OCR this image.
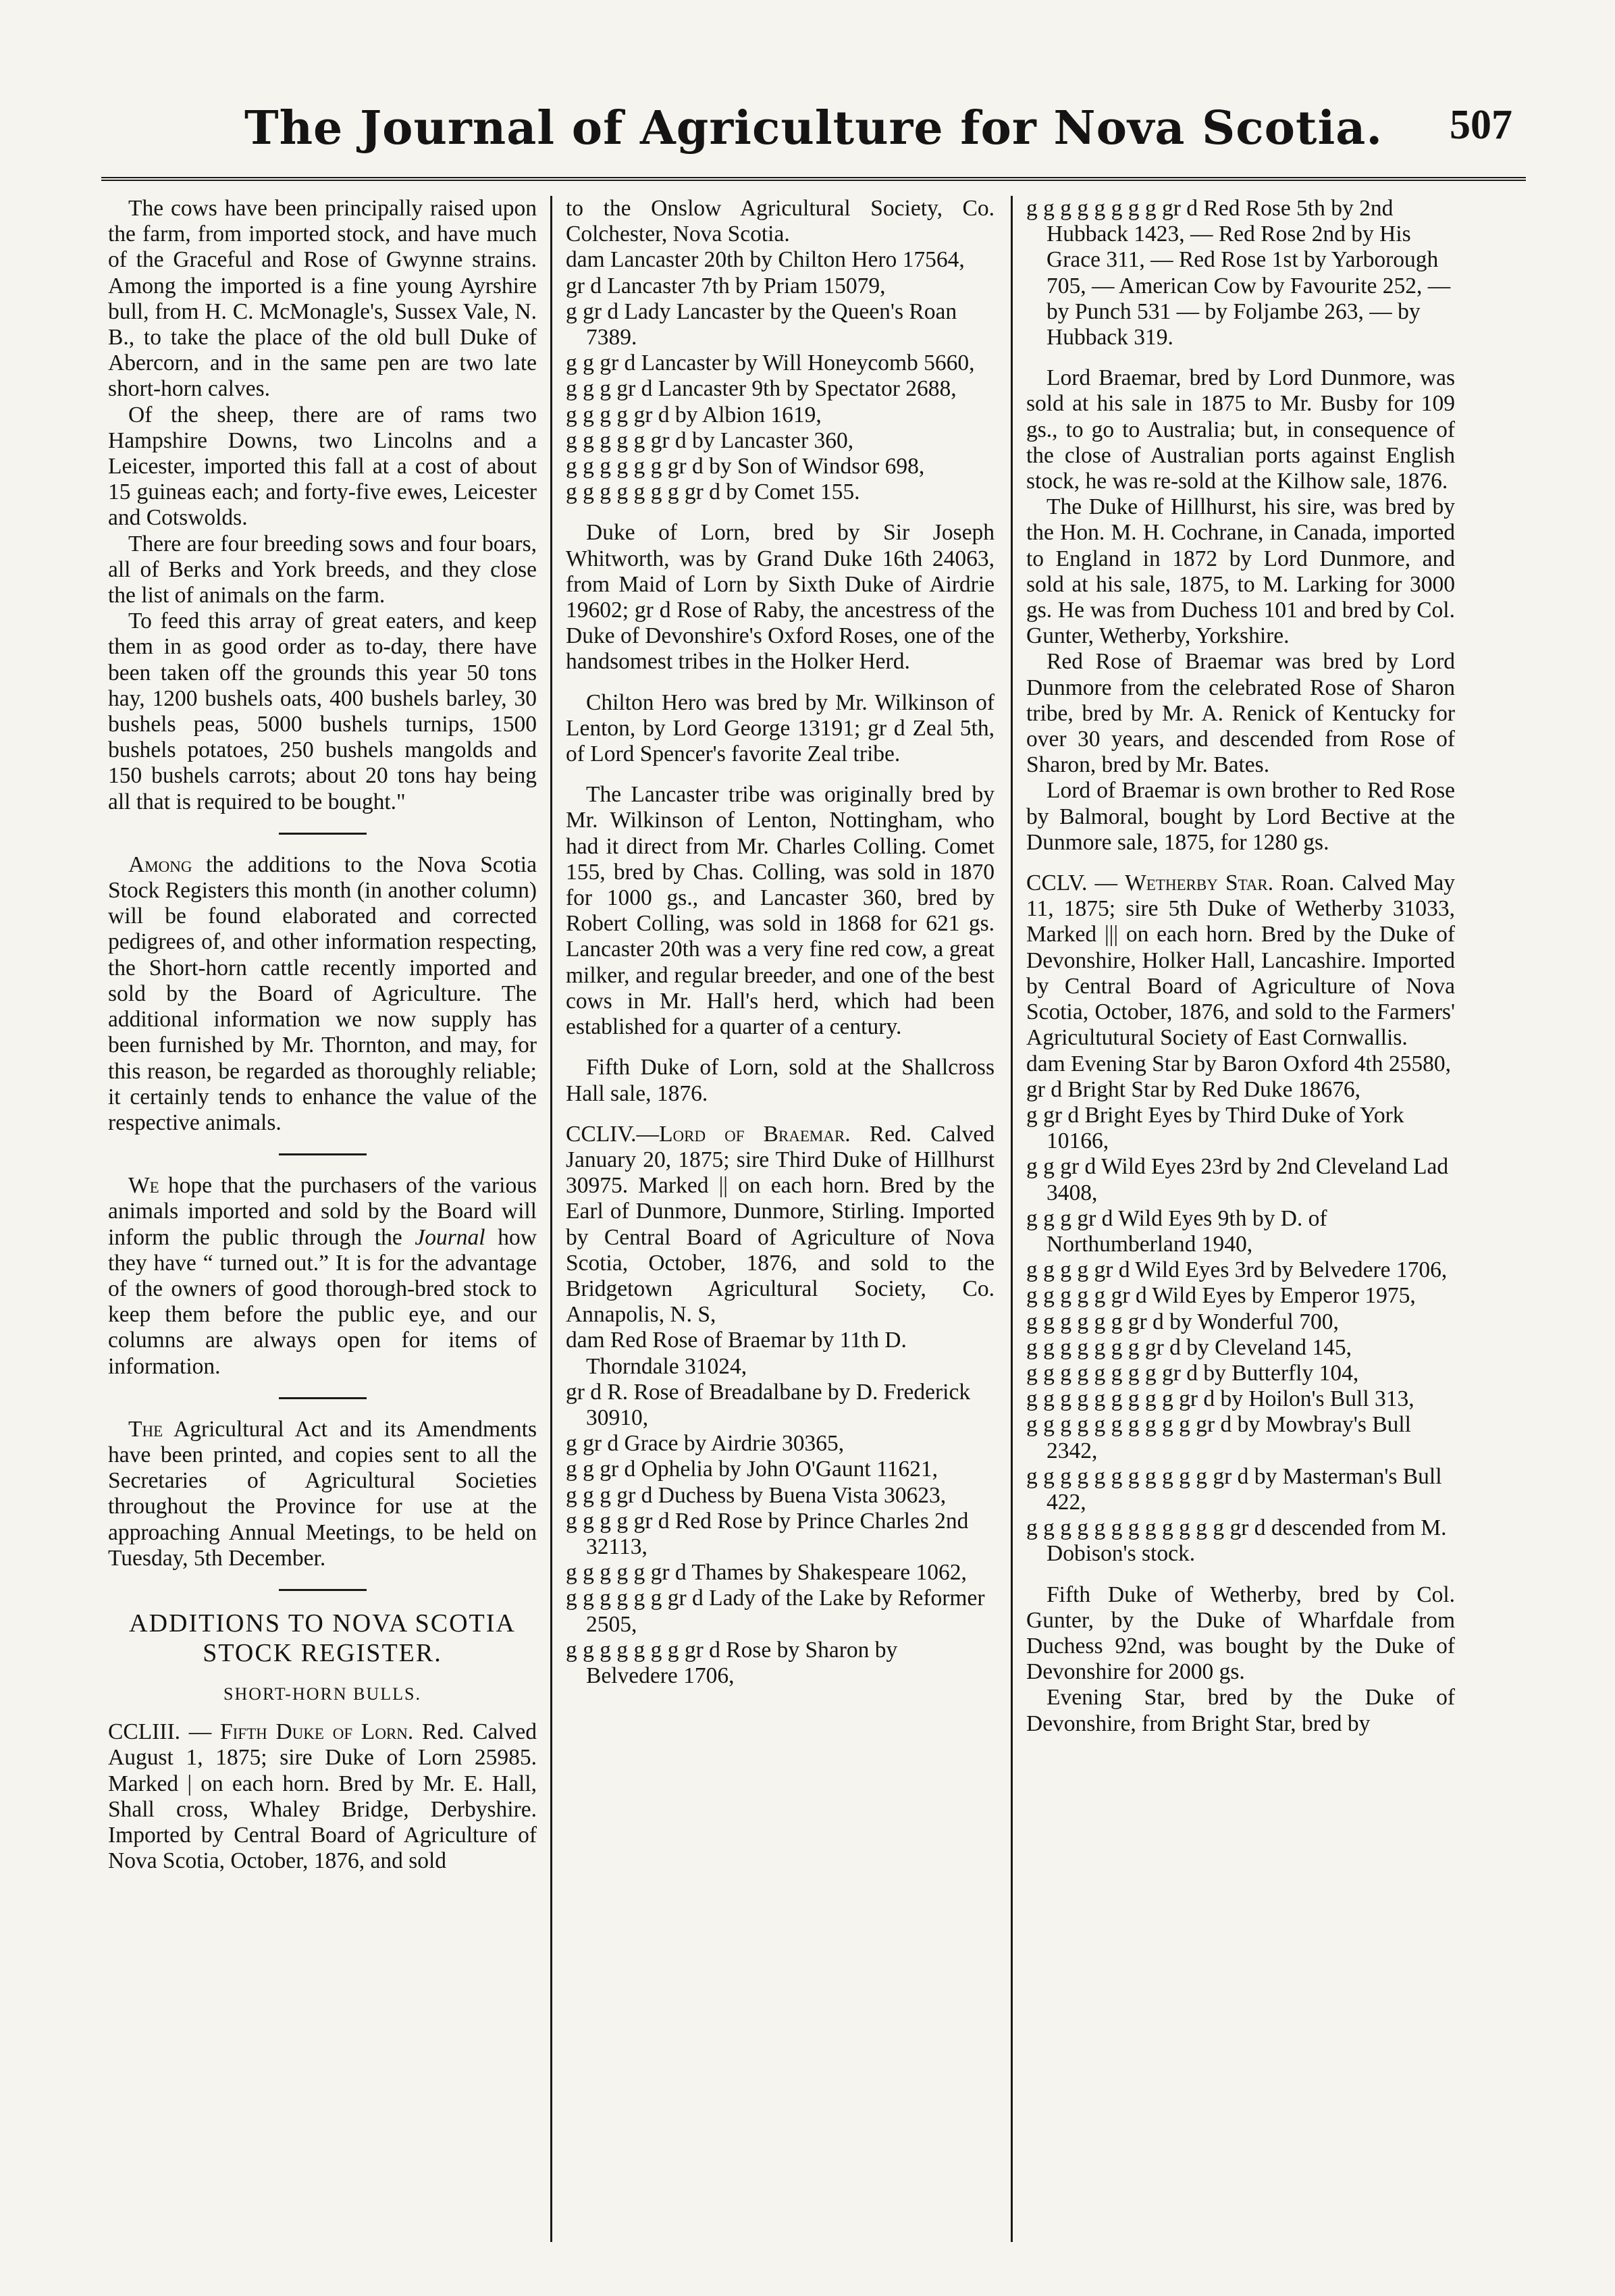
The Journal of Agriculture for Nova Scotia.	507

The cows have been principally raised upon the farm, from imported stock, and have much of the Graceful and Rose of Gwynne strains. Among the imported is a fine young Ayrshire bull, from H. C. McMonagle's, Sussex Vale, N. B., to take the place of the old bull Duke of Abercorn, and in the same pen are two late short-horn calves.

Of the sheep, there are of rams two Hampshire Downs, two Lincolns and a Leicester, imported this fall at a cost of about 15 guineas each; and forty-five ewes, Leicester and Cotswolds.

There are four breeding sows and four boars, all of Berks and York breeds, and they close the list of animals on the farm.

To feed this array of great eaters, and keep them in as good order as to-day, there have been taken off the grounds this year 50 tons hay, 1200 bushels oats, 400 bushels barley, 30 bushels peas, 5000 bushels turnips, 1500 bushels potatoes, 250 bushels mangolds and 150 bushels carrots; about 20 tons hay being all that is required to be bought."

Among the additions to the Nova Scotia Stock Registers this month (in another column) will be found elaborated and corrected pedigrees of, and other information respecting, the Short-horn cattle recently imported and sold by the Board of Agriculture. The additional information we now supply has been furnished by Mr. Thornton, and may, for this reason, be regarded as thoroughly reliable; it certainly tends to enhance the value of the respective animals.

We hope that the purchasers of the various animals imported and sold by the Board will inform the public through the Journal how they have “ turned out.” It is for the advantage of the owners of good thorough-bred stock to keep them before the public eye, and our columns are always open for items of information.

The Agricultural Act and its Amendments have been printed, and copies sent to all the Secretaries of Agricultural Societies throughout the Province for use at the approaching Annual Meetings, to be held on Tuesday, 5th December.

ADDITIONS TO NOVA SCOTIA STOCK REGISTER.
SHORT-HORN BULLS.

CCLIII. — Fifth Duke of Lorn. Red. Calved August 1, 1875; sire Duke of Lorn 25985. Marked | on each horn. Bred by Mr. E. Hall, Shall cross, Whaley Bridge, Derbyshire. Imported by Central Board of Agriculture of Nova Scotia, October, 1876, and sold

to the Onslow Agricultural Society, Co. Colchester, Nova Scotia.

dam Lancaster 20th by Chilton Hero 17564,

gr d Lancaster 7th by Priam 15079,

g gr d Lady Lancaster by the Queen's Roan 7389.

g g gr d Lancaster by Will Honeycomb 5660,

g g g gr d Lancaster 9th by Spectator 2688,

g g g g gr d by Albion 1619,

g g g g g gr d by Lancaster 360,

g g g g g g gr d by Son of Windsor 698,

g g g g g g g gr d by Comet 155.

Duke of Lorn, bred by Sir Joseph Whitworth, was by Grand Duke 16th 24063, from Maid of Lorn by Sixth Duke of Airdrie 19602; gr d Rose of Raby, the ancestress of the Duke of Devonshire's Oxford Roses, one of the handsomest tribes in the Holker Herd.

Chilton Hero was bred by Mr. Wilkinson of Lenton, by Lord George 13191; gr d Zeal 5th, of Lord Spencer's favorite Zeal tribe.

The Lancaster tribe was originally bred by Mr. Wilkinson of Lenton, Nottingham, who had it direct from Mr. Charles Colling. Comet 155, bred by Chas. Colling, was sold in 1870 for 1000 gs., and Lancaster 360, bred by Robert Colling, was sold in 1868 for 621 gs. Lancaster 20th was a very fine red cow, a great milker, and regular breeder, and one of the best cows in Mr. Hall's herd, which had been established for a quarter of a century.

Fifth Duke of Lorn, sold at the Shallcross Hall sale, 1876.

CCLIV.—Lord of Braemar. Red. Calved January 20, 1875; sire Third Duke of Hillhurst 30975. Marked || on each horn. Bred by the Earl of Dunmore, Dunmore, Stirling. Imported by Central Board of Agriculture of Nova Scotia, October, 1876, and sold to the Bridgetown Agricultural Society, Co. Annapolis, N. S,

dam Red Rose of Braemar by 11th D. Thorndale 31024,

gr d R. Rose of Breadalbane by D. Frederick 30910,

g gr d Grace by Airdrie 30365,

g g gr d Ophelia by John O'Gaunt 11621,

g g g gr d Duchess by Buena Vista 30623,

g g g g gr d Red Rose by Prince Charles 2nd 32113,

g g g g g gr d Thames by Shakespeare 1062,

g g g g g g gr d Lady of the Lake by Reformer 2505,

g g g g g g g gr d Rose by Sharon by Belvedere 1706,

g g g g g g g g gr d Red Rose 5th by 2nd Hubback 1423, — Red Rose 2nd by His Grace 311, — Red Rose 1st by Yarborough 705, — American Cow by Favourite 252, — by Punch 531 — by Foljambe 263, — by Hubback 319.

Lord Braemar, bred by Lord Dunmore, was sold at his sale in 1875 to Mr. Busby for 109 gs., to go to Australia; but, in consequence of the close of Australian ports against English stock, he was re-sold at the Kilhow sale, 1876.

The Duke of Hillhurst, his sire, was bred by the Hon. M. H. Cochrane, in Canada, imported to England in 1872 by Lord Dunmore, and sold at his sale, 1875, to M. Larking for 3000 gs. He was from Duchess 101 and bred by Col. Gunter, Wetherby, Yorkshire.

Red Rose of Braemar was bred by Lord Dunmore from the celebrated Rose of Sharon tribe, bred by Mr. A. Renick of Kentucky for over 30 years, and descended from Rose of Sharon, bred by Mr. Bates.

Lord of Braemar is own brother to Red Rose by Balmoral, bought by Lord Bective at the Dunmore sale, 1875, for 1280 gs.

CCLV. — Wetherby Star. Roan. Calved May 11, 1875; sire 5th Duke of Wetherby 31033, Marked ||| on each horn. Bred by the Duke of Devonshire, Holker Hall, Lancashire. Imported by Central Board of Agriculture of Nova Scotia, October, 1876, and sold to the Farmers' Agricultutural Society of East Cornwallis.

dam Evening Star by Baron Oxford 4th 25580,

gr d Bright Star by Red Duke 18676,

g gr d Bright Eyes by Third Duke of York 10166,

g g gr d Wild Eyes 23rd by 2nd Cleveland Lad 3408,

g g g gr d Wild Eyes 9th by D. of Northumberland 1940,

g g g g gr d Wild Eyes 3rd by Belvedere 1706,

g g g g g gr d Wild Eyes by Emperor 1975,

g g g g g g gr d by Wonderful 700,

g g g g g g g gr d by Cleveland 145,

g g g g g g g g gr d by Butterfly 104,

g g g g g g g g g gr d by Hoilon's Bull 313,

g g g g g g g g g g gr d by Mowbray's Bull 2342,

g g g g g g g g g g g gr d by Masterman's Bull 422,

g g g g g g g g g g g g gr d descended from M. Dobison's stock.

Fifth Duke of Wetherby, bred by Col. Gunter, by the Duke of Wharfdale from Duchess 92nd, was bought by the Duke of Devonshire for 2000 gs.

Evening Star, bred by the Duke of Devonshire, from Bright Star, bred by
